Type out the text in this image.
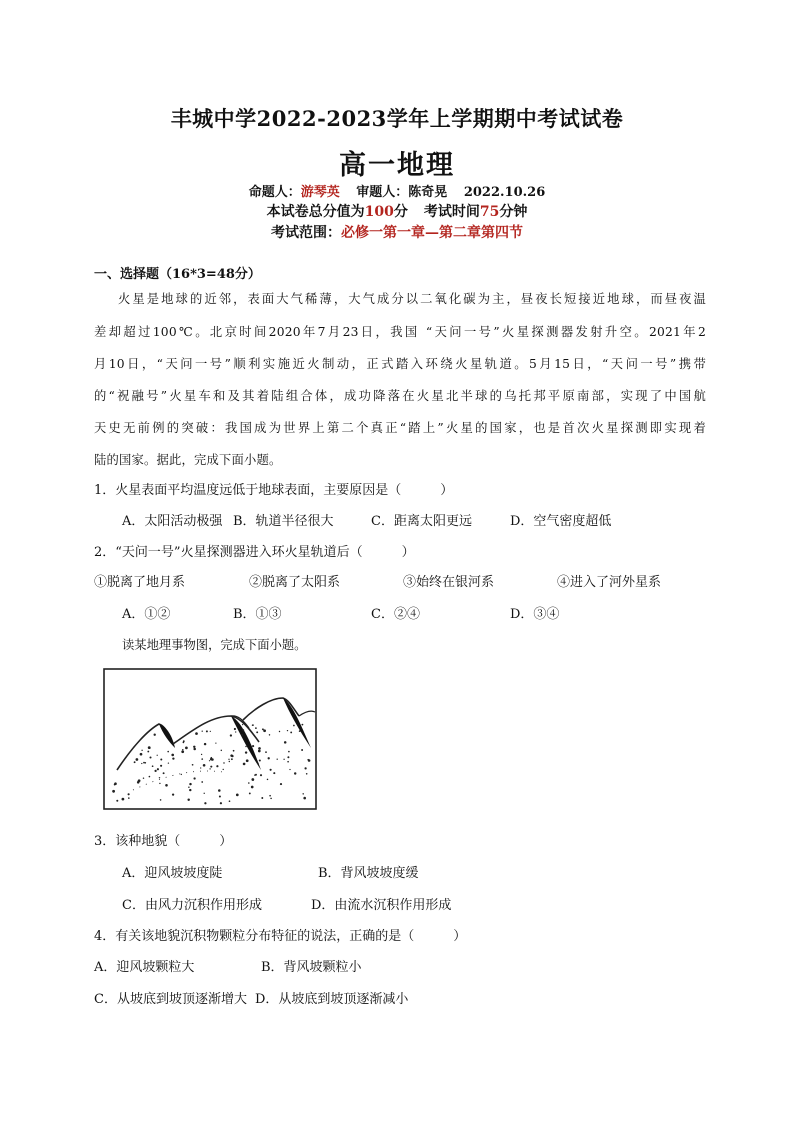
丰城中学2022-2023学年上学期期中考试试卷
高一地理
命题人：游琴英 审题人：陈奇晃 2022.10.26
本试卷总分值为100分 考试时间75分钟
考试范围：必修一第一章—第二章第四节
一、选择题（16*3=48分）
火星是地球的近邻，表面大气稀薄，大气成分以二氧化碳为主，昼夜长短接近地球，而昼夜温
差却超过100℃。北京时间2020年7月23日，我国 “天问一号”火星探测器发射升空。2021年2
月10日，“天问一号”顺利实施近火制动，正式踏入环绕火星轨道。5月15日，“天问一号”携带
的“祝融号”火星车和及其着陆组合体，成功降落在火星北半球的乌托邦平原南部，实现了中国航
天史无前例的突破：我国成为世界上第二个真正“踏上”火星的国家，也是首次火星探测即实现着
陆的国家。据此，完成下面小题。
1．火星表面平均温度远低于地球表面，主要原因是（　　　）
A．太阳活动极强 B．轨道半径很大	C．距离太阳更远	D．空气密度超低
2．“天问一号”火星探测器进入环火星轨道后（　　　）
①脱离了地月系	②脱离了太阳系	③始终在银河系	④进入了河外星系
A．①②	B．①③	C．②④	D．③④
读某地理事物图，完成下面小题。
3．该种地貌（　　　）
A．迎风坡坡度陡	B．背风坡坡度缓
C．由风力沉积作用形成	D．由流水沉积作用形成
4．有关该地貌沉积物颗粒分布特征的说法，正确的是（　　　）
A．迎风坡颗粒大	B．背风坡颗粒小
C．从坡底到坡顶逐渐增大 D．从坡底到坡顶逐渐减小
